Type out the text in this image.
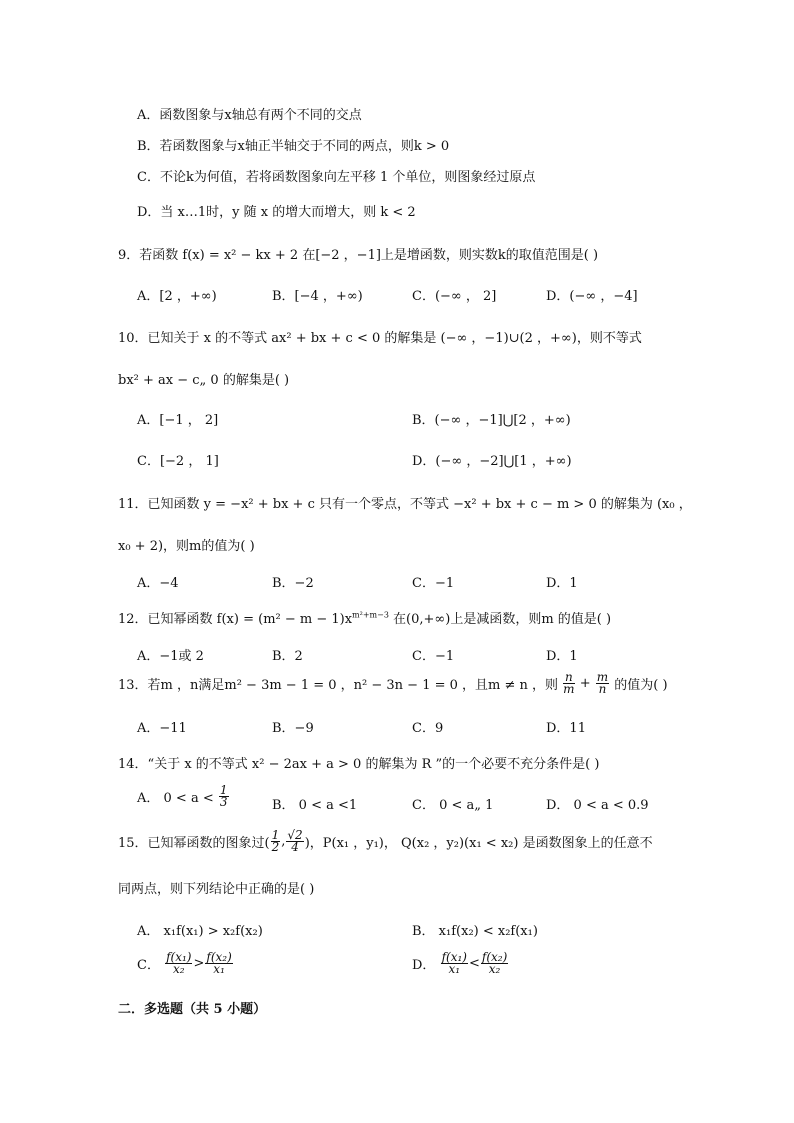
A．函数图象与x轴总有两个不同的交点
B．若函数图象与x轴正半轴交于不同的两点，则k > 0
C．不论k为何值，若将函数图象向左平移 1 个单位，则图象经过原点
D．当 x…1时，y 随 x 的增大而增大，则 k < 2
9．若函数 f(x) = x² − kx + 2 在[−2 ，−1]上是增函数，则实数k的取值范围是( )
A．[2 ，+∞)	B．[−4 ，+∞)	C．(−∞ ， 2]	D．(−∞ ，−4]
10．已知关于 x 的不等式 ax² + bx + c < 0 的解集是 (−∞ ，−1)∪(2 ，+∞)，则不等式
bx² + ax − c„ 0 的解集是( )
A．[−1 ， 2]	B．(−∞ ，−1]⋃[2 ，+∞)
C．[−2 ， 1]	D．(−∞ ，−2]⋃[1 ，+∞)
11．已知函数 y = −x² + bx + c 只有一个零点，不等式 −x² + bx + c − m > 0 的解集为 (x₀ ，
x₀ + 2)，则m的值为( )
A．−4	B．−2	C．−1	D．1
12．已知幂函数 $f(x) = (m^2 - m - 1)x^{m^2+m-3}$ 在(0,+∞)上是减函数，则m 的值是( )
A．−1或 2	B．2	C．−1	D．1
13．若m ，n满足m² − 3m − 1 = 0 ，n² − 3n − 1 = 0 ，且m ≠ n ，则 $\frac{n}{m} + \frac{m}{n}$ 的值为( )
A．−11	B．−9	C．9	D．11
14．“关于 x 的不等式 x² − 2ax + a > 0 的解集为 R ”的一个必要不充分条件是( )
A． $0 < a < \frac{1}{3}$	B． 0 < a <1	C． 0 < a„ 1	D． 0 < a < 0.9
15．已知幂函数的图象过( $\frac{1}{2}$ , $\frac{√2}{4}$ )，P(x₁ ，y₁)， Q(x₂ ，y₂)(x₁ < x₂) 是函数图象上的任意不
同两点，则下列结论中正确的是( )
A． x₁f(x₁) > x₂f(x₂)	B． x₁f(x₂) < x₂f(x₁)
C． $\frac{\text{f(x₁)}}{\text{x₂}} > \frac{\text{f(x₂)}}{\text{x₁}}$	D． $\frac{\text{f(x₁)}}{\text{x₁}} < \frac{\text{f(x₂)}}{\text{x₂}}$
二．多选题（共 5 小题）
